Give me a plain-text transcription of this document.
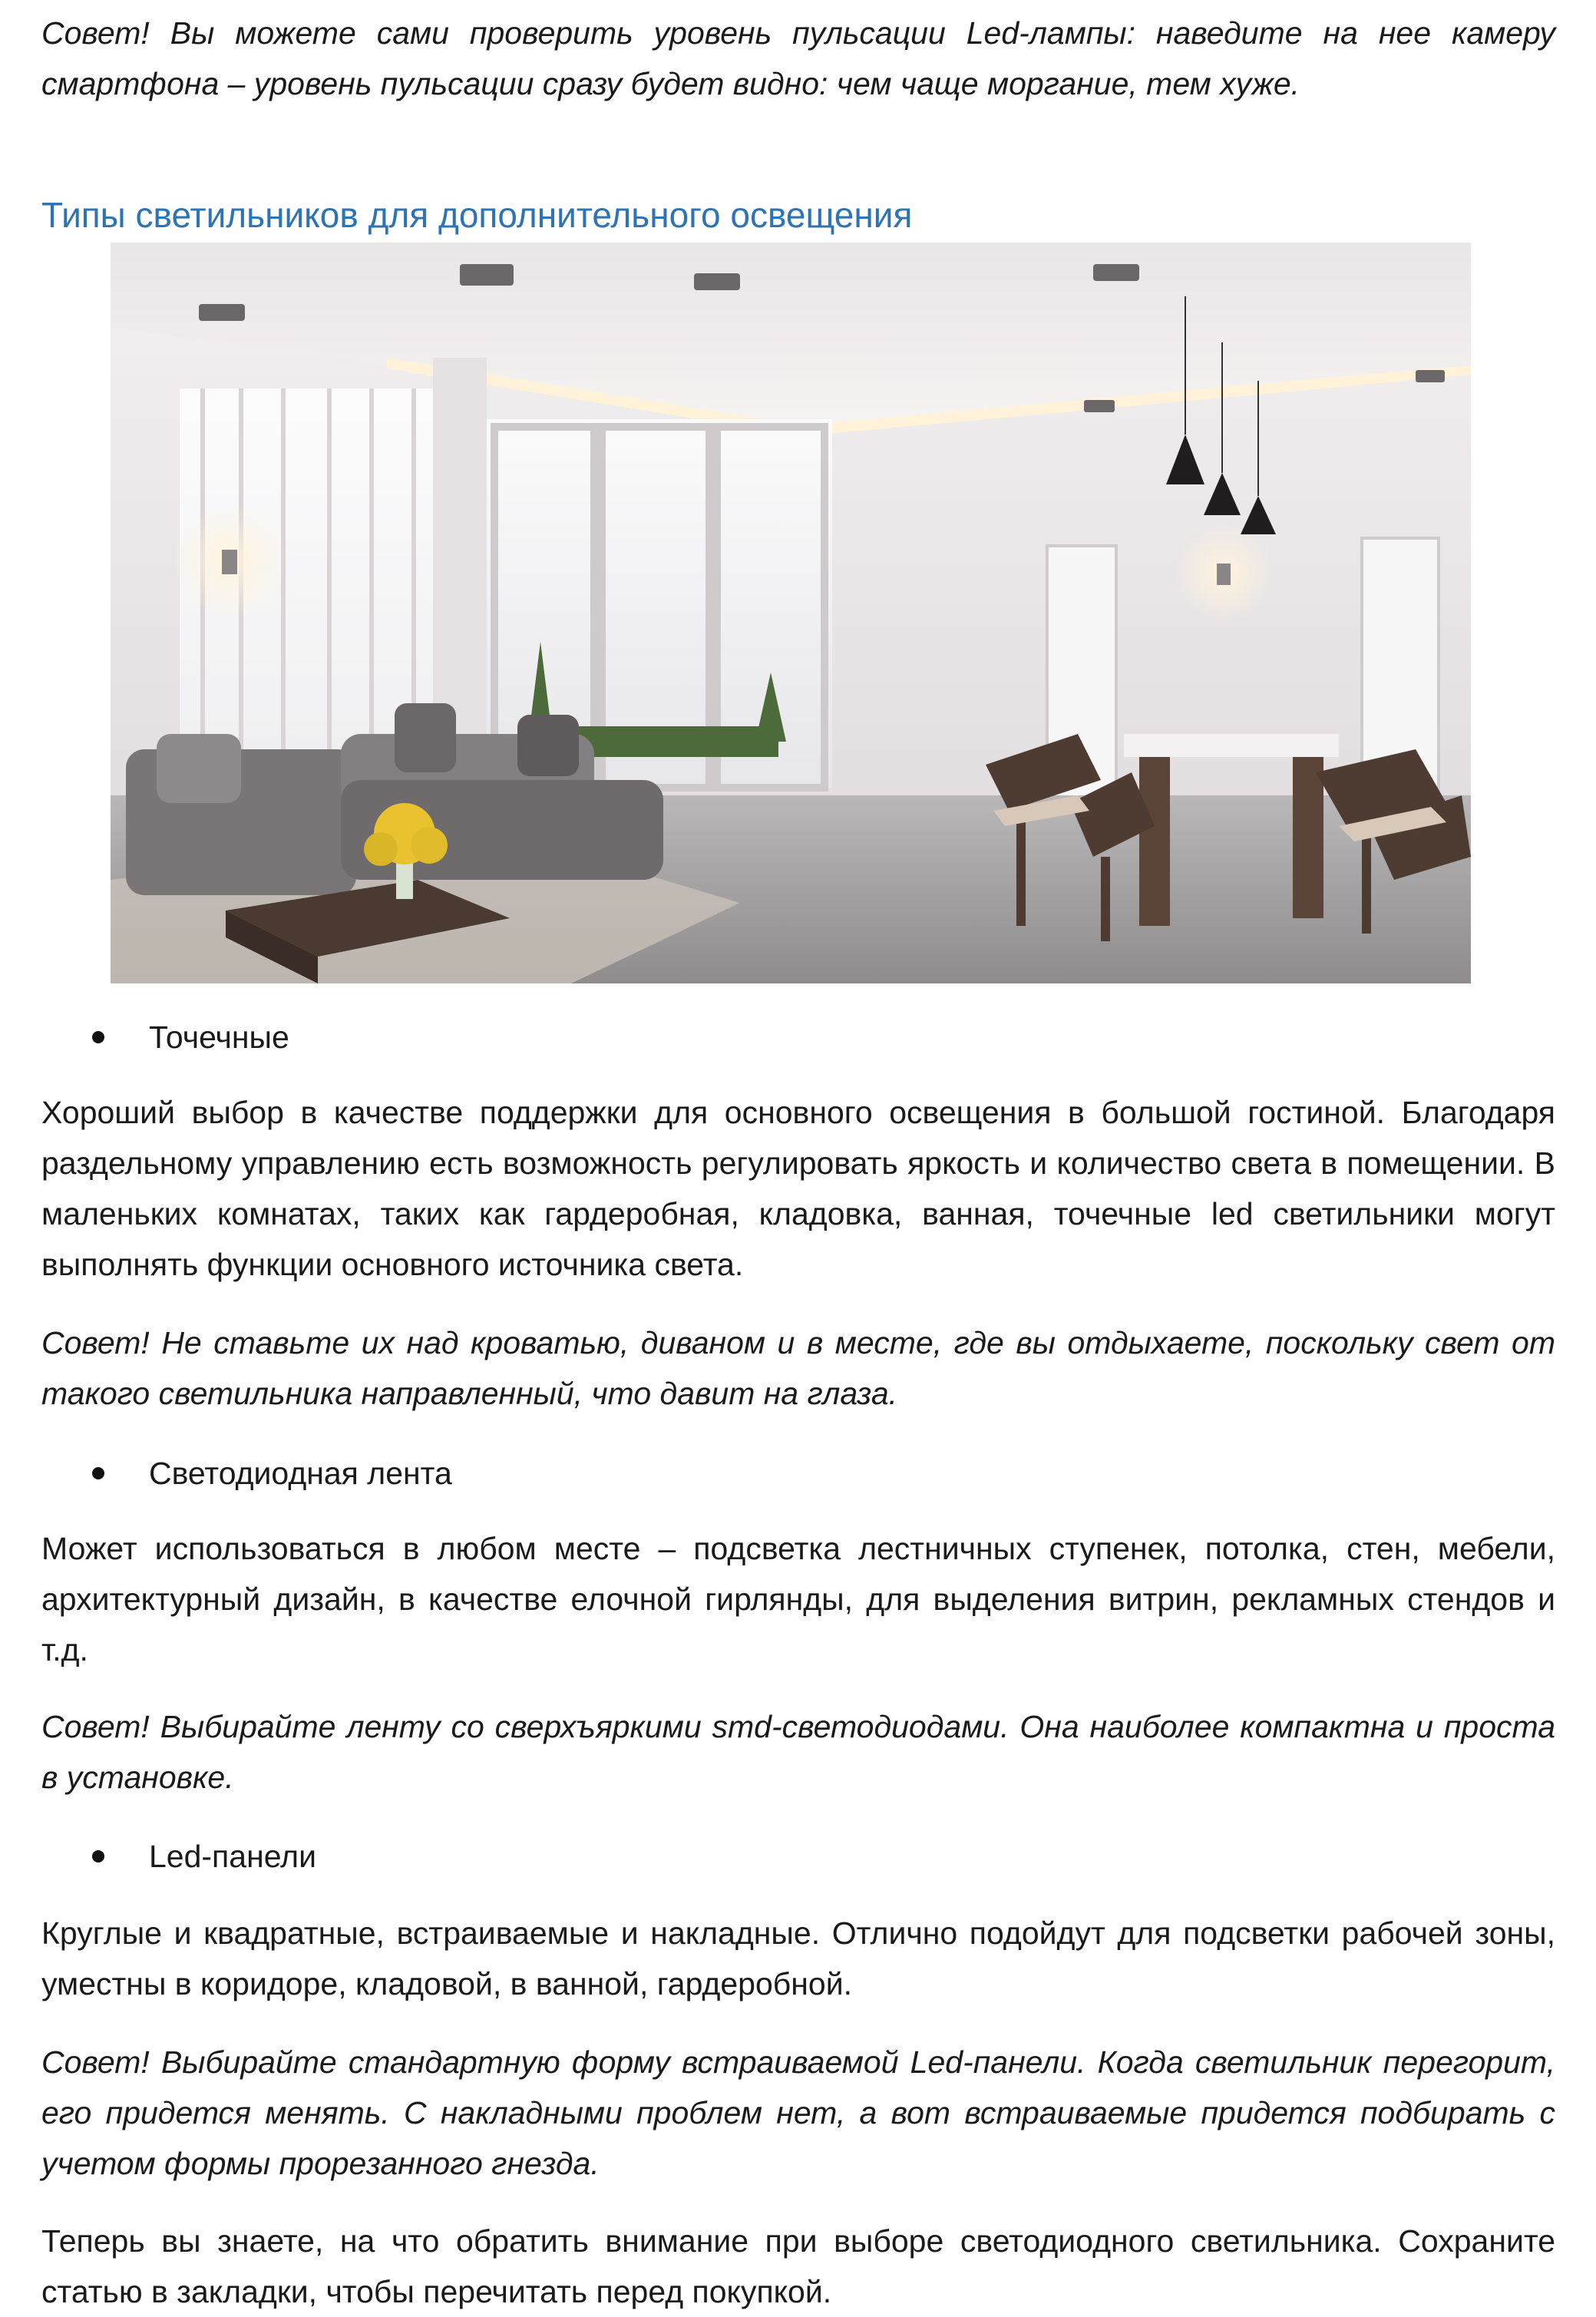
Совет! Вы можете сами проверить уровень пульсации Led-лампы: наведите на нее камеру смартфона – уровень пульсации сразу будет видно: чем чаще моргание, тем хуже.

Типы светильников для дополнительного освещения
Точечные

Хороший выбор в качестве поддержки для основного освещения в большой гостиной. Благодаря раздельному управлению есть возможность регулировать яркость и количество света в помещении. В маленьких комнатах, таких как гардеробная, кладовка, ванная, точечные led светильники могут выполнять функции основного источника света.

Совет! Не ставьте их над кроватью, диваном и в месте, где вы отдыхаете, поскольку свет от такого светильника направленный, что давит на глаза.

Светодиодная лента

Может использоваться в любом месте – подсветка лестничных ступенек, потолка, стен, мебели, архитектурный дизайн, в качестве елочной гирлянды, для выделения витрин, рекламных стендов и т.д.

Совет! Выбирайте ленту со сверхъяркими smd-светодиодами. Она наиболее компактна и проста в установке.

Led-панели

Круглые и квадратные, встраиваемые и накладные. Отлично подойдут для подсветки рабочей зоны, уместны в коридоре, кладовой, в ванной, гардеробной.

Совет! Выбирайте стандартную форму встраиваемой Led-панели. Когда светильник перегорит, его придется менять. С накладными проблем нет, а вот встраиваемые придется подбирать с учетом формы прорезанного гнезда.

Теперь вы знаете, на что обратить внимание при выборе светодиодного светильника. Сохраните статью в закладки, чтобы перечитать перед покупкой.
